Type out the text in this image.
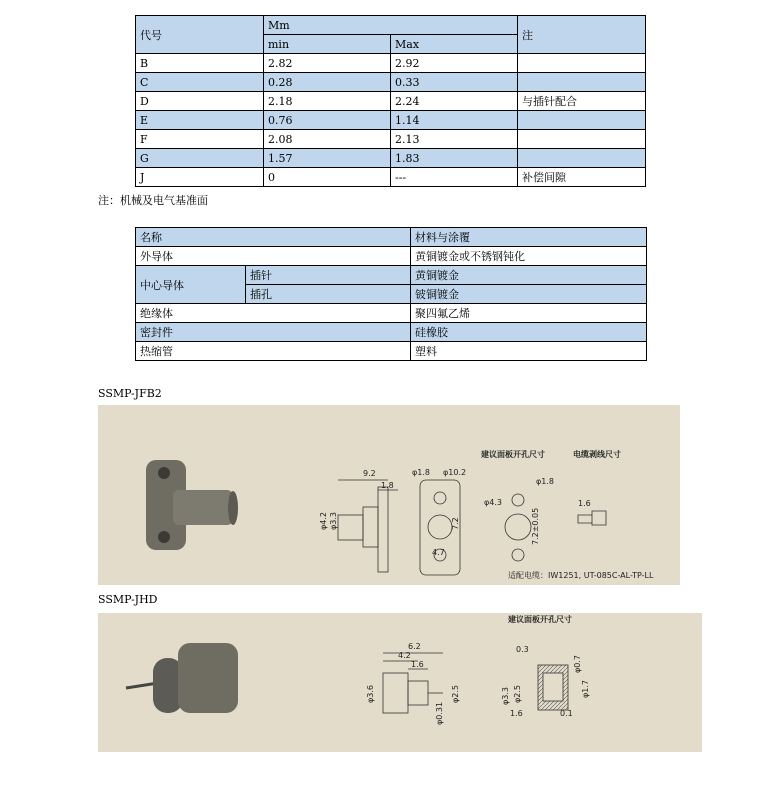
代号	Mm		注
	min	Max	
B	2.82	2.92	
C	0.28	0.33	
D	2.18	2.24	与插针配合
E	0.76	1.14	
F	2.08	2.13	
G	1.57	1.83	
J	0	---	补偿间隙
注：机械及电气基准面
名称		材料与涂覆
外导体		黄铜镀金或不锈钢钝化
中心导体	插针	黄铜镀金
	插孔	铍铜镀金
绝缘体		聚四氟乙烯
密封件		硅橡胶
热缩管		塑料
SSMP-JFB2
9.2
1.8
φ4.2 φ3.3
φ1.8 φ10.2
7.2
4.7
φ1.8
φ4.3
7.2±0.05
1.6
建议面板开孔尺寸	电缆剥线尺寸
适配电缆：IW1251, UT-085C-AL-TP-LL
SSMP-JHD
6.2
4.2
1.6
φ3.6	φ2.5
φ0.31
0.3
φ0.7
φ3.3 φ2.5	φ1.7
1.6	0.1
建议面板开孔尺寸
